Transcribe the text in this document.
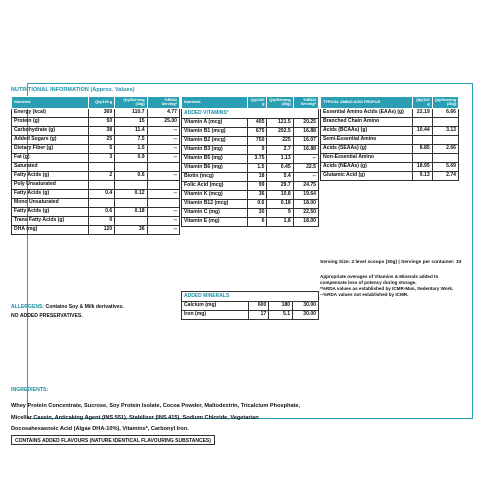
NUTRITIONAL INFORMATION (Approx. Values)
Nutrients	Qty/100 g	Qty/Serving (30g)	%RDA/ Serving*
Energy (kcal)	369	110.7	4.77
Protein (g)	50	15	25.00
Carbohydrate (g)	38	11.4	--
Added Sugars (g)	25	7.5	--
Dietary Fiber (g)	5	1.5	--
Fat (g)	3	0.9	--
Saturated			
Fatty Acids (g)	2	0.6	--
Poly Unsaturated			
Fatty Acids (g)	0.4	0.12	--
Mono Unsaturated			
Fatty Acids (g)	0.6	0.18	--
Trans Fatty Acids (g)	0		--
DHA (mg)	120	36	--
Nutrients	Qty/100 g	Qty/Serving (30g)	%RDA/ Serving*
ADDED VITAMINS*			
Vitamin A (mcg)	405	121.5	20.25
Vitamin B1 (mcg)	675	202.5	16.88
Vitamin B2 (mcg)	750	225	16.07
Vitamin B3 (mg)	9	2.7	16.88
Vitamin B5 (mg)	3.75	1.13	--
Vitamin B6 (mg)	1.5	0.45	22.5
Biotin (mcg)	18	5.4	--
Folic Acid (mcg)	99	29.7	24.75
Vitamin K (mcg)	36	10.8	19.64
Vitamin B12 (mcg)	0.6	0.18	18.00
Vitamin C (mg)	30	9	22.50
Vitamin E (mg)	6	1.8	18.00
ADDED MINERALS			
Calcium (mg)	600	180	30.00
Iron (mg)	17	5.1	30.00
TYPICAL AMINO ACID PROFILE	Qty/100 g	Qty/Serving (30g)
Essential Amino Acids (EAAs) (g)	22.19	6.66
Branched Chain Amino		
Acids (BCAAs) (g)	10.44	3.13
Semi-Essential Amino		
Acids (SEAAs) (g)	8.85	2.66
Non-Essential Amino		
Acids (NEAAs) (g)	18.95	5.69
Glutamic Acid (g)	9.13	2.74
Serving Size: 2 level scoops (30g) | Servings per container: 33
Appropriate overages of Vitamins & Minerals added to
compensate loss of potency during storage.
*%RDA values as established by ICMR-Man, Sedentary Work.
--%RDA values not established by ICMR.
ALLERGENS: Contains Soy & Milk derivatives.
NO ADDED PRESERVATIVES.
INGREDIENTS:
Whey Protein Concentrate, Sucrose, Soy Protein Isolate, Cocoa Powder, Maltodextrin, Tricalcium Phosphate,
Micellar Casein, Anticaking Agent (INS 551), Stabilizer (INS 415), Sodium Chloride, Vegetarian
Docosahexaenoic Acid (Algae DHA-10%), Vitamins*, Carbonyl Iron.
CONTAINS ADDED FLAVOURS (NATURE IDENTICAL FLAVOURING SUBSTANCES)
